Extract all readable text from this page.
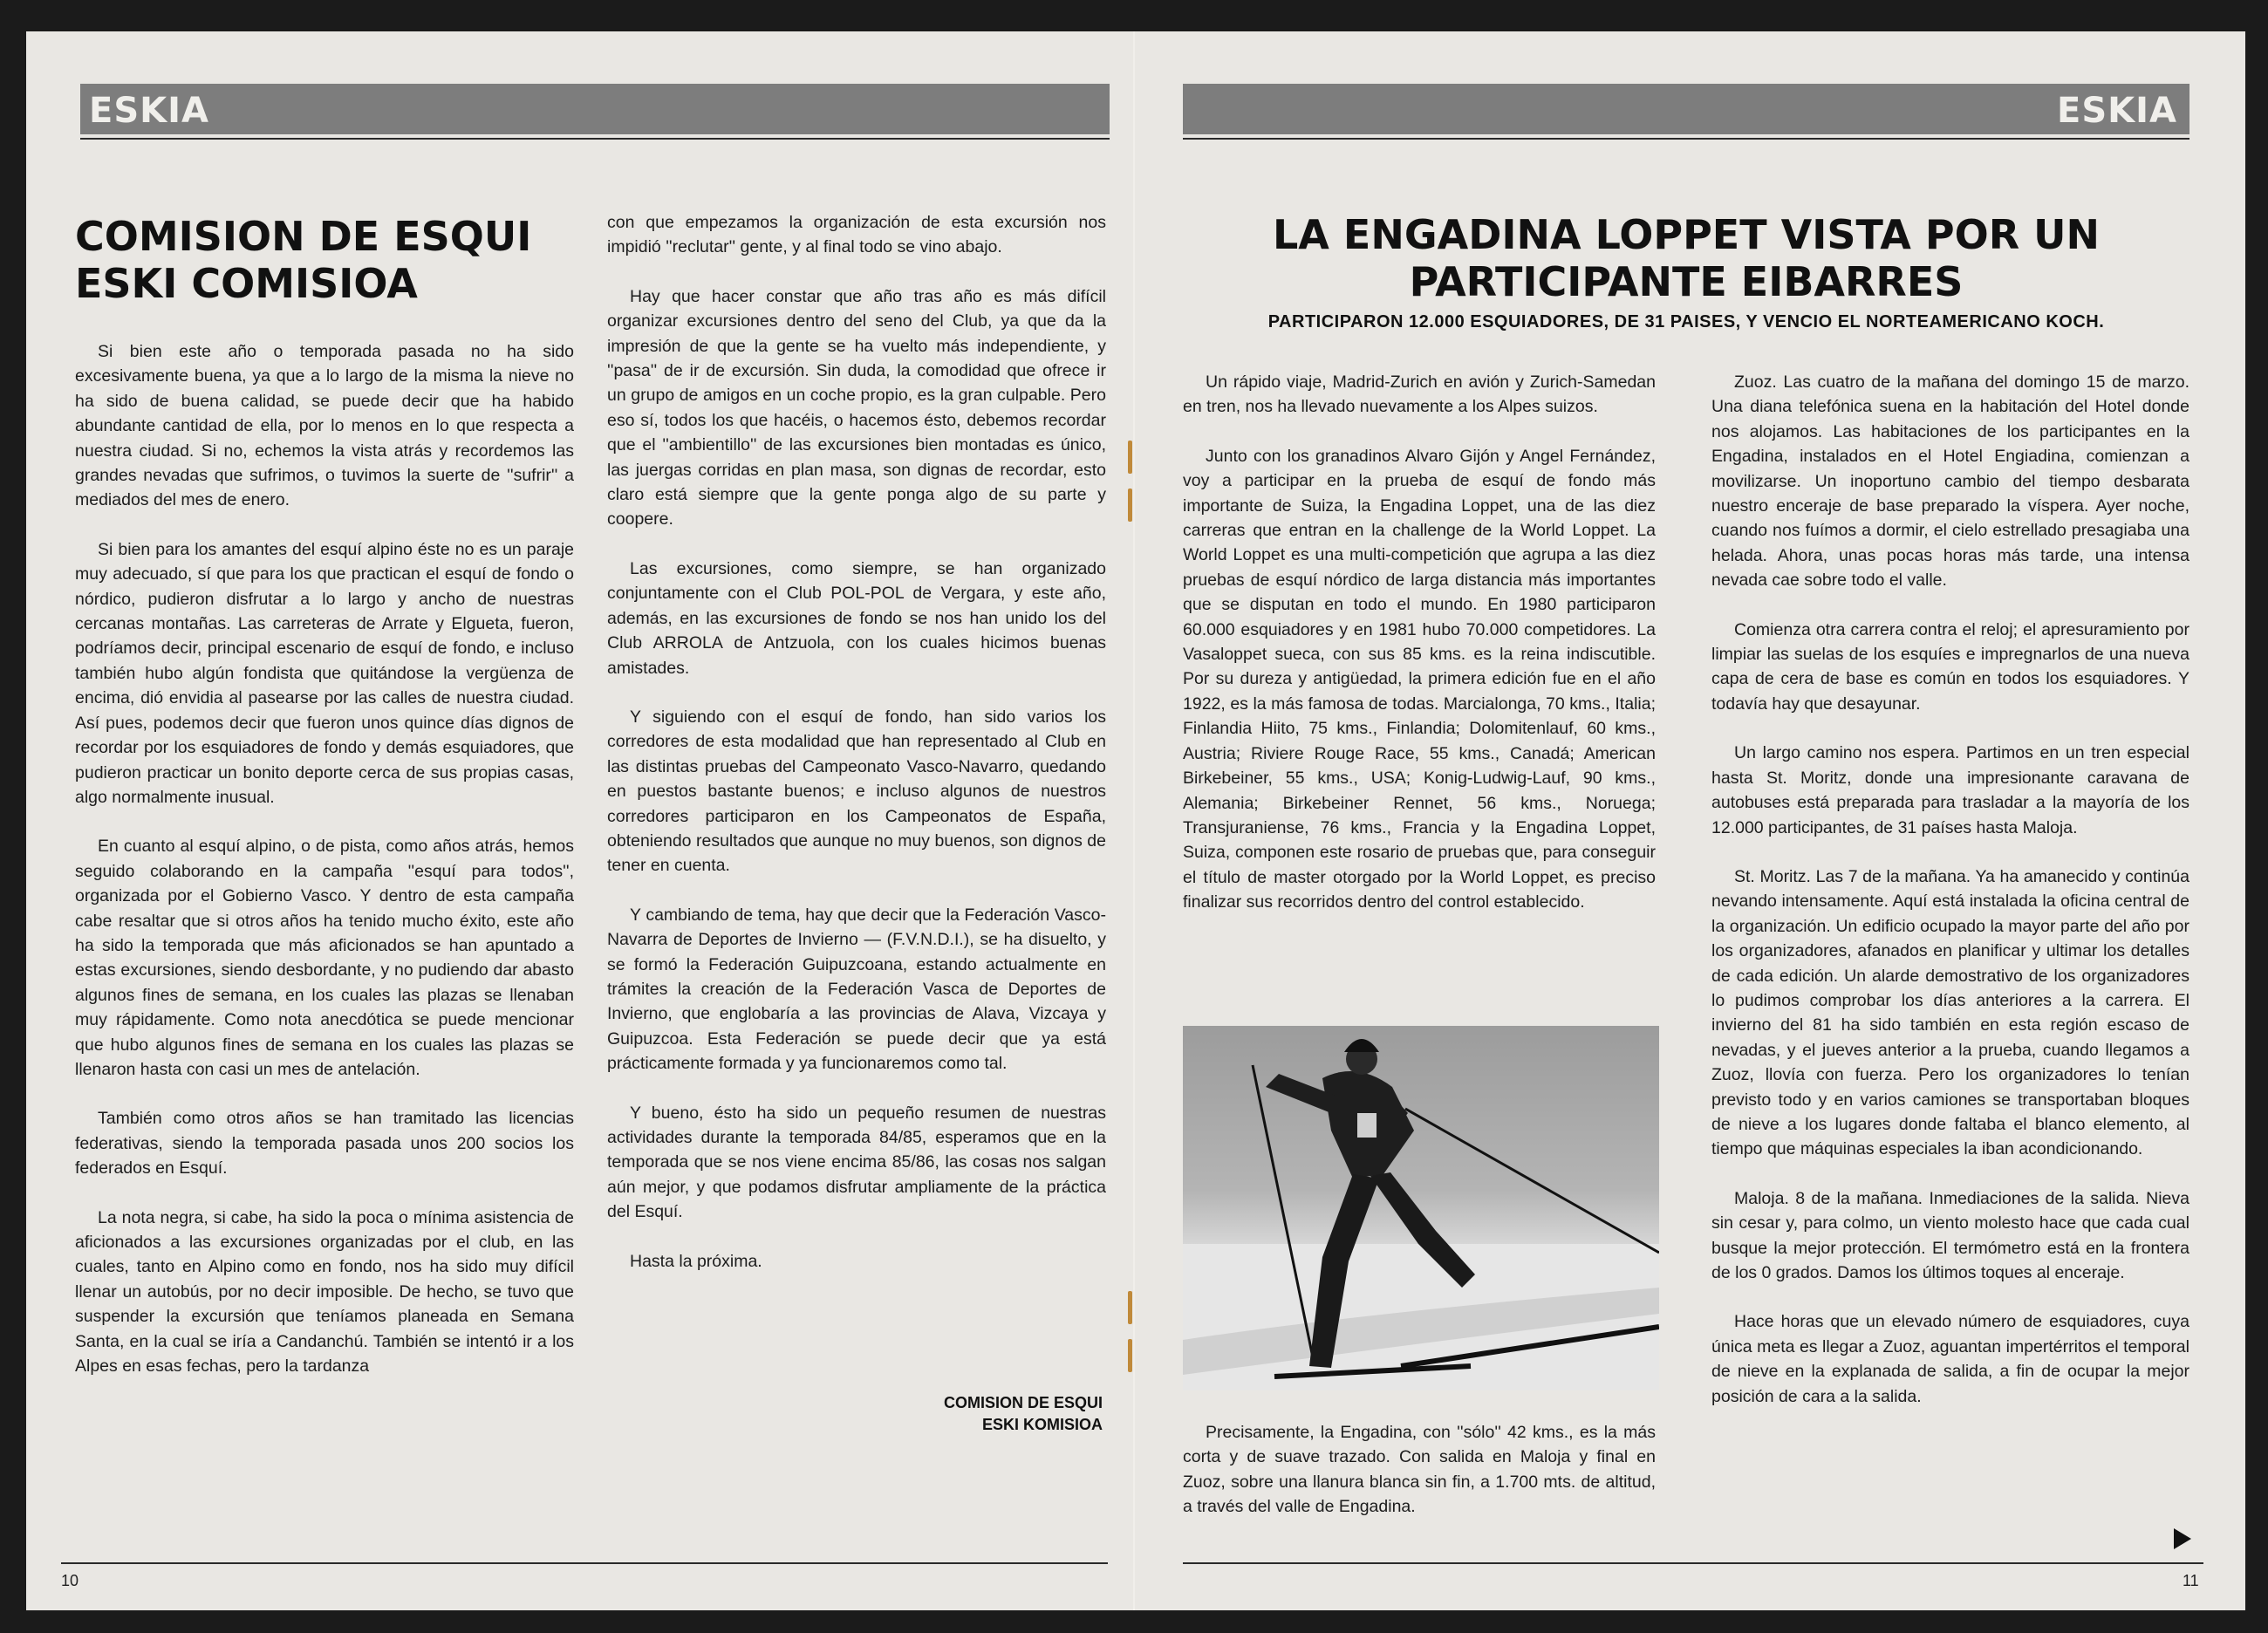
ESKIA
COMISION DE ESQUI
ESKI COMISIOA

Si bien este año o temporada pasada no ha sido excesivamente buena, ya que a lo largo de la misma la nieve no ha sido de buena calidad, se puede decir que ha habido abundante cantidad de ella, por lo menos en lo que respecta a nuestra ciudad. Si no, echemos la vista atrás y recordemos las grandes nevadas que sufrimos, o tuvimos la suerte de ''sufrir'' a mediados del mes de enero.

Si bien para los amantes del esquí alpino éste no es un paraje muy adecuado, sí que para los que practican el esquí de fondo o nórdico, pudieron disfrutar a lo largo y ancho de nuestras cercanas montañas. Las carreteras de Arrate y Elgueta, fueron, podríamos decir, principal escenario de esquí de fondo, e incluso también hubo algún fondista que quitándose la vergüenza de encima, dió envidia al pasearse por las calles de nuestra ciudad. Así pues, podemos decir que fueron unos quince días dignos de recordar por los esquiadores de fondo y demás esquiadores, que pudieron practicar un bonito deporte cerca de sus propias casas, algo normalmente inusual.

En cuanto al esquí alpino, o de pista, como años atrás, hemos seguido colaborando en la campaña ''esquí para todos'', organizada por el Gobierno Vasco. Y dentro de esta campaña cabe resaltar que si otros años ha tenido mucho éxito, este año ha sido la temporada que más aficionados se han apuntado a estas excursiones, siendo desbordante, y no pudiendo dar abasto algunos fines de semana, en los cuales las plazas se llenaban muy rápidamente. Como nota anecdótica se puede mencionar que hubo algunos fines de semana en los cuales las plazas se llenaron hasta con casi un mes de antelación.

También como otros años se han tramitado las licencias federativas, siendo la temporada pasada unos 200 socios los federados en Esquí.

La nota negra, si cabe, ha sido la poca o mínima asistencia de aficionados a las excursiones organizadas por el club, en las cuales, tanto en Alpino como en fondo, nos ha sido muy difícil llenar un autobús, por no decir imposible. De hecho, se tuvo que suspender la excursión que teníamos planeada en Semana Santa, en la cual se iría a Candanchú. También se intentó ir a los Alpes en esas fechas, pero la tardanza

con que empezamos la organización de esta excursión nos impidió ''reclutar'' gente, y al final todo se vino abajo.

Hay que hacer constar que año tras año es más difícil organizar excursiones dentro del seno del Club, ya que da la impresión de que la gente se ha vuelto más independiente, y ''pasa'' de ir de excursión. Sin duda, la comodidad que ofrece ir un grupo de amigos en un coche propio, es la gran culpable. Pero eso sí, todos los que hacéis, o hacemos ésto, debemos recordar que el ''ambientillo'' de las excursiones bien montadas es único, las juergas corridas en plan masa, son dignas de recordar, esto claro está siempre que la gente ponga algo de su parte y coopere.

Las excursiones, como siempre, se han organizado conjuntamente con el Club POL-POL de Vergara, y este año, además, en las excursiones de fondo se nos han unido los del Club ARROLA de Antzuola, con los cuales hicimos buenas amistades.

Y siguiendo con el esquí de fondo, han sido varios los corredores de esta modalidad que han representado al Club en las distintas pruebas del Campeonato Vasco-Navarro, quedando en puestos bastante buenos; e incluso algunos de nuestros corredores participaron en los Campeonatos de España, obteniendo resultados que aunque no muy buenos, son dignos de tener en cuenta.

Y cambiando de tema, hay que decir que la Federación Vasco-Navarra de Deportes de Invierno — (F.V.N.D.I.), se ha disuelto, y se formó la Federación Guipuzcoana, estando actualmente en trámites la creación de la Federación Vasca de Deportes de Invierno, que englobaría a las provincias de Alava, Vizcaya y Guipuzcoa. Esta Federación se puede decir que ya está prácticamente formada y ya funcionaremos como tal.

Y bueno, ésto ha sido un pequeño resumen de nuestras actividades durante la temporada 84/85, esperamos que en la temporada que se nos viene encima 85/86, las cosas nos salgan aún mejor, y que podamos disfrutar ampliamente de la práctica del Esquí.

Hasta la próxima.

COMISION DE ESQUI
ESKI KOMISIOA
10
ESKIA
LA ENGADINA LOPPET VISTA POR UN
PARTICIPANTE EIBARRES
PARTICIPARON 12.000 ESQUIADORES, DE 31 PAISES, Y VENCIO EL NORTEAMERICANO KOCH.

Un rápido viaje, Madrid-Zurich en avión y Zurich-Samedan en tren, nos ha llevado nuevamente a los Alpes suizos.

Junto con los granadinos Alvaro Gijón y Angel Fernández, voy a participar en la prueba de esquí de fondo más importante de Suiza, la Engadina Loppet, una de las diez carreras que entran en la challenge de la World Loppet. La World Loppet es una multi-competición que agrupa a las diez pruebas de esquí nórdico de larga distancia más importantes que se disputan en todo el mundo. En 1980 participaron 60.000 esquiadores y en 1981 hubo 70.000 competidores. La Vasaloppet sueca, con sus 85 kms. es la reina indiscutible. Por su dureza y antigüedad, la primera edición fue en el año 1922, es la más famosa de todas. Marcialonga, 70 kms., Italia; Finlandia Hiito, 75 kms., Finlandia; Dolomitenlauf, 60 kms., Austria; Riviere Rouge Race, 55 kms., Canadá; American Birkebeiner, 55 kms., USA; Konig-Ludwig-Lauf, 90 kms., Alemania; Birkebeiner Rennet, 56 kms., Noruega; Transjuraniense, 76 kms., Francia y la Engadina Loppet, Suiza, componen este rosario de pruebas que, para conseguir el título de master otorgado por la World Loppet, es preciso finalizar sus recorridos dentro del control establecido.

Precisamente, la Engadina, con ''sólo'' 42 kms., es la más corta y de suave trazado. Con salida en Maloja y final en Zuoz, sobre una llanura blanca sin fin, a 1.700 mts. de altitud, a través del valle de Engadina.

Zuoz. Las cuatro de la mañana del domingo 15 de marzo. Una diana telefónica suena en la habitación del Hotel donde nos alojamos. Las habitaciones de los participantes en la Engadina, instalados en el Hotel Engiadina, comienzan a movilizarse. Un inoportuno cambio del tiempo desbarata nuestro enceraje de base preparado la víspera. Ayer noche, cuando nos fuímos a dormir, el cielo estrellado presagiaba una helada. Ahora, unas pocas horas más tarde, una intensa nevada cae sobre todo el valle.

Comienza otra carrera contra el reloj; el apresuramiento por limpiar las suelas de los esquíes e impregnarlos de una nueva capa de cera de base es común en todos los esquiadores. Y todavía hay que desayunar.

Un largo camino nos espera. Partimos en un tren especial hasta St. Moritz, donde una impresionante caravana de autobuses está preparada para trasladar a la mayoría de los 12.000 participantes, de 31 países hasta Maloja.

St. Moritz. Las 7 de la mañana. Ya ha amanecido y continúa nevando intensamente. Aquí está instalada la oficina central de la organización. Un edificio ocupado la mayor parte del año por los organizadores, afanados en planificar y ultimar los detalles de cada edición. Un alarde demostrativo de los organizadores lo pudimos comprobar los días anteriores a la carrera. El invierno del 81 ha sido también en esta región escaso de nevadas, y el jueves anterior a la prueba, cuando llegamos a Zuoz, llovía con fuerza. Pero los organizadores lo tenían previsto todo y en varios camiones se transportaban bloques de nieve a los lugares donde faltaba el blanco elemento, al tiempo que máquinas especiales la iban acondicionando.

Maloja. 8 de la mañana. Inmediaciones de la salida. Nieva sin cesar y, para colmo, un viento molesto hace que cada cual busque la mejor protección. El termómetro está en la frontera de los 0 grados. Damos los últimos toques al enceraje.

Hace horas que un elevado número de esquiadores, cuya única meta es llegar a Zuoz, aguantan impertérritos el temporal de nieve en la explanada de salida, a fin de ocupar la mejor posición de cara a la salida.

11
